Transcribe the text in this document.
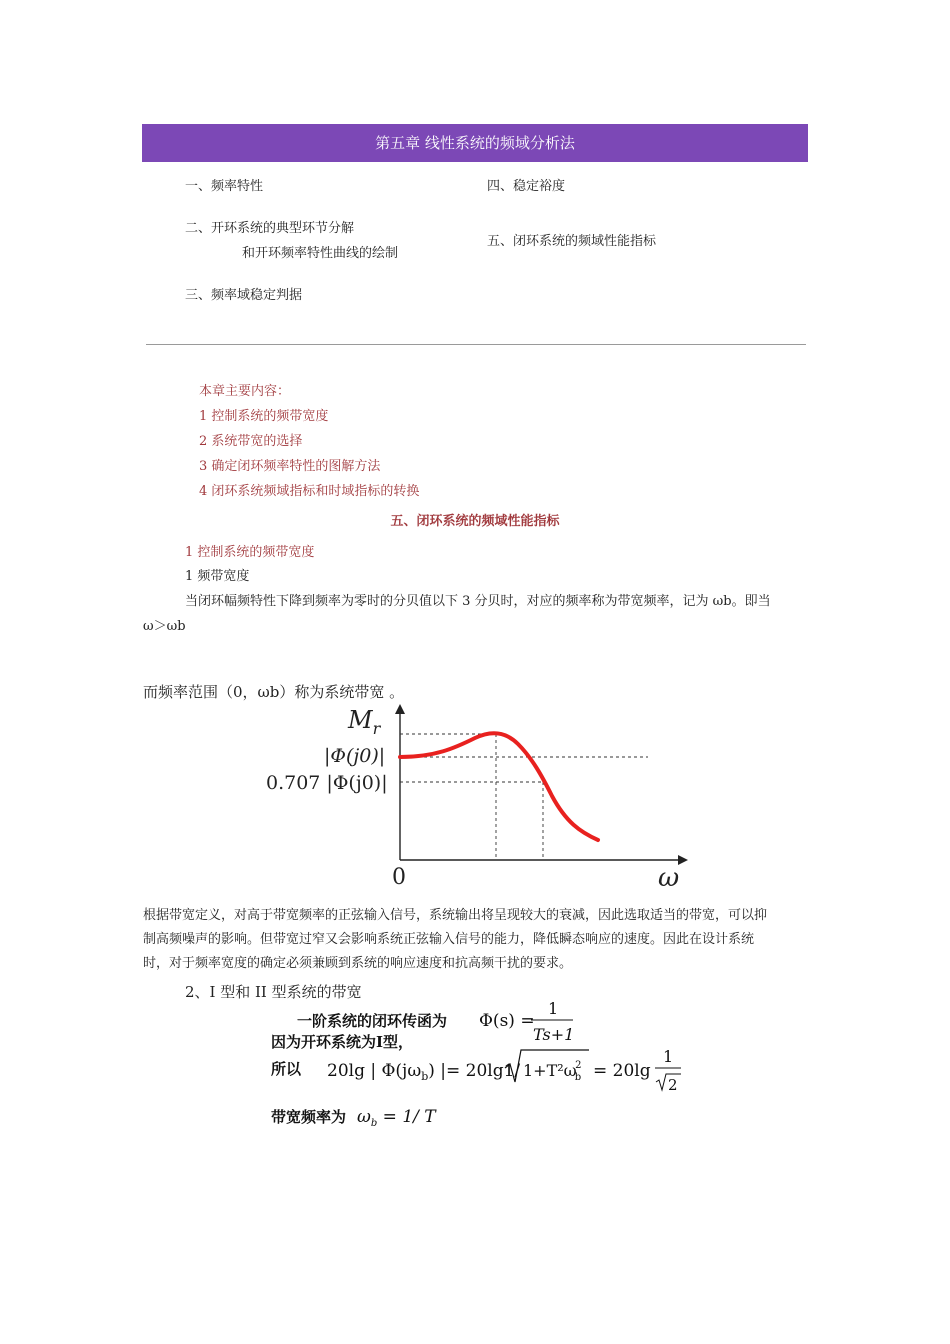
第五章 线性系统的频域分析法
一、频率特性
二、开环系统的典型环节分解
和开环频率特性曲线的绘制
三、频率域稳定判据
四、稳定裕度
五、闭环系统的频域性能指标
本章主要内容：
1 控制系统的频带宽度
2 系统带宽的选择
3 确定闭环频率特性的图解方法
4 闭环系统频域指标和时域指标的转换
五、闭环系统的频域性能指标
1 控制系统的频带宽度
1 频带宽度
当闭环幅频特性下降到频率为零时的分贝值以下 3 分贝时，对应的频率称为带宽频率，记为 ωb。即当
ω＞ωb
而频率范围（0，ωb）称为系统带宽 。
$M_r$
|Φ(j0)|
0.707 |Φ(j0)|
0	ω
根据带宽定义，对高于带宽频率的正弦输入信号，系统输出将呈现较大的衰减，因此选取适当的带宽，可以抑
制高频噪声的影响。但带宽过窄又会影响系统正弦输入信号的能力，降低瞬态响应的速度。因此在设计系统
时，对于频率宽度的确定必须兼顾到系统的响应速度和抗高频干扰的要求。
2、I 型和 II 型系统的带宽
一阶系统的闭环传函为 Φ(s) =
1
Ts+1
因为开环系统为I型，
所以 20lg | $\Phi(j\omega_b)$ |= 20lg1/ 1+T²ωb2 = 20lg
1
2
带宽频率为 $\omega_b = 1/$ T
